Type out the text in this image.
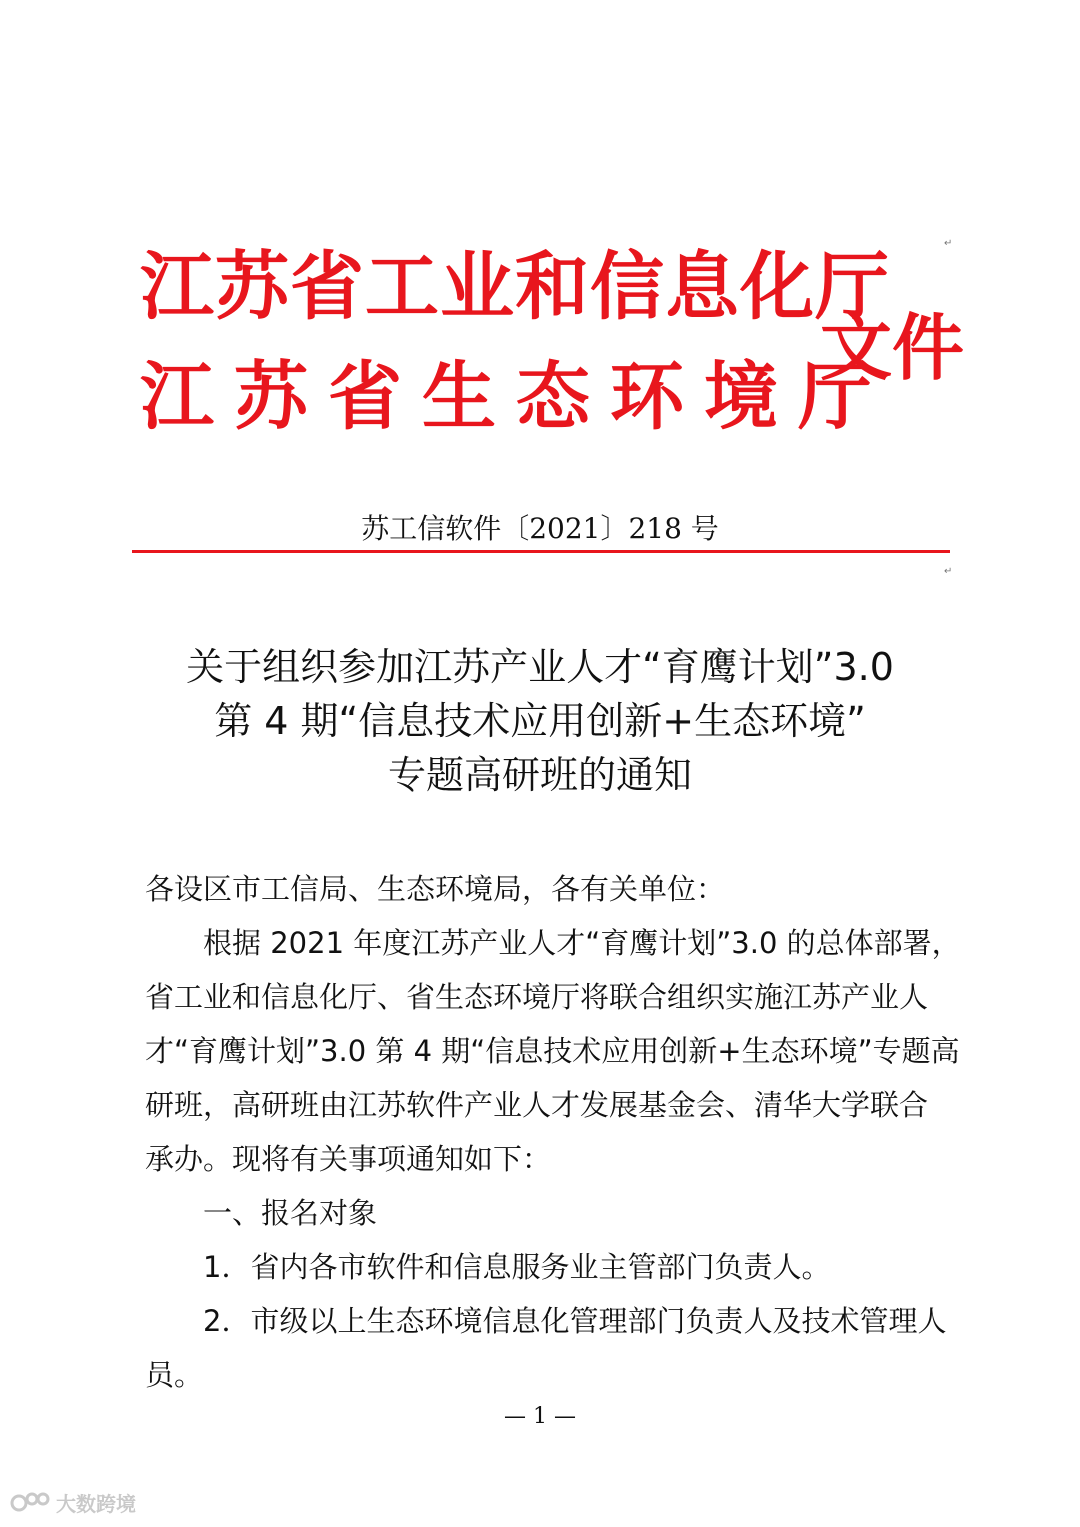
江苏省工业和信息化厅
江苏省生态环境厅
文件
↵
↵
苏工信软件〔2021〕218 号
关于组织参加江苏产业人才“育鹰计划”3.0
第 4 期“信息技术应用创新+生态环境”
专题高研班的通知
各设区市工信局、生态环境局，各有关单位：
根据 2021 年度江苏产业人才“育鹰计划”3.0 的总体部署，
省工业和信息化厅、省生态环境厅将联合组织实施江苏产业人
才“育鹰计划”3.0 第 4 期“信息技术应用创新+生态环境”专题高
研班，高研班由江苏软件产业人才发展基金会、清华大学联合
承办。现将有关事项通知如下：
一、报名对象
1．省内各市软件和信息服务业主管部门负责人。
2．市级以上生态环境信息化管理部门负责人及技术管理人
员。
— 1 —
大数跨境
